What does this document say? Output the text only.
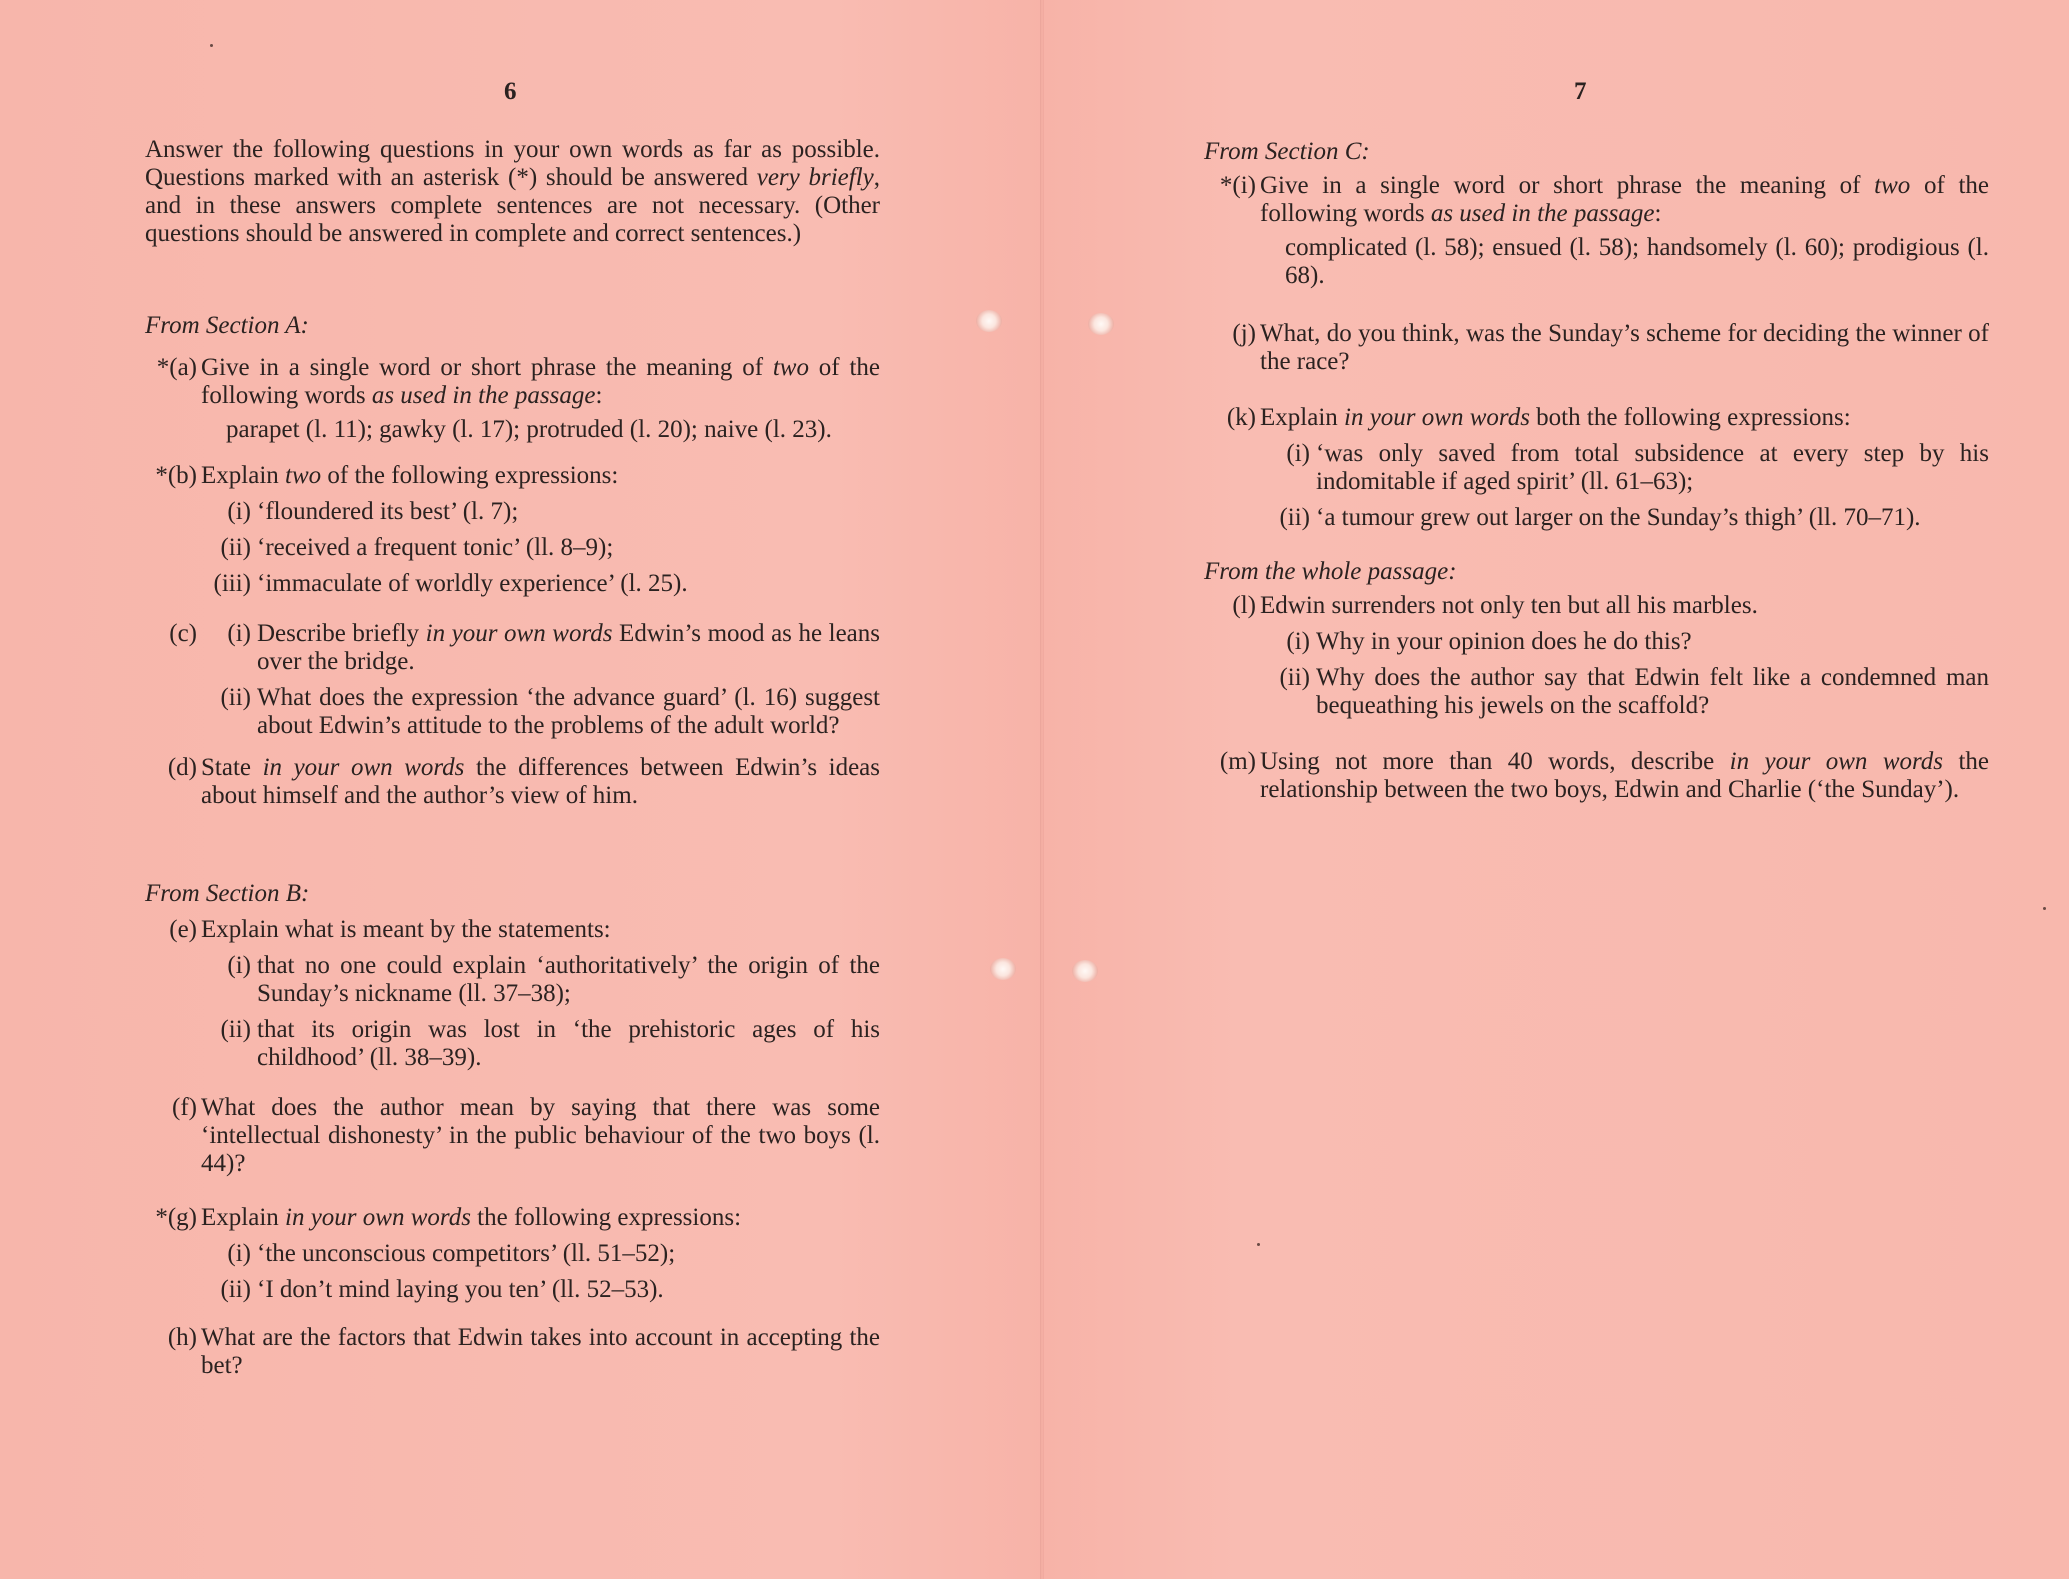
6

Answer the following questions in your own words as far as possible. Questions marked with an asterisk (*) should be answered very briefly, and in these answers complete sentences are not necessary. (Other questions should be answered in complete and correct sentences.)

From Section A:

*(a) Give in a single word or short phrase the meaning of two of the following words as used in the passage:

parapet (l. 11); gawky (l. 17); protruded (l. 20); naive (l. 23).

*(b) Explain two of the following expressions:
(i) ‘floundered its best’ (l. 7);
(ii) ‘received a frequent tonic’ (ll. 8–9);
(iii) ‘immaculate of worldly experience’ (l. 25).
(c)	(i) Describe briefly in your own words Edwin’s mood as he leans over the bridge.
(ii) What does the expression ‘the advance guard’ (l. 16) suggest about Edwin’s attitude to the problems of the adult world?
(d) State in your own words the differences between Edwin’s ideas about himself and the author’s view of him.

From Section B:

(e) Explain what is meant by the statements:
(i) that no one could explain ‘authoritatively’ the origin of the Sunday’s nickname (ll. 37–38);
(ii) that its origin was lost in ‘the prehistoric ages of his childhood’ (ll. 38–39).
(f) What does the author mean by saying that there was some ‘intellectual dishonesty’ in the public behaviour of the two boys (l. 44)?
*(g) Explain in your own words the following expressions:
(i) ‘the unconscious competitors’ (ll. 51–52);
(ii) ‘I don’t mind laying you ten’ (ll. 52–53).
(h) What are the factors that Edwin takes into account in accepting the bet?
7

From Section C:

*(i) Give in a single word or short phrase the meaning of two of the following words as used in the passage:

complicated (l. 58); ensued (l. 58); handsomely (l. 60); prodigious (l. 68).

(j) What, do you think, was the Sunday’s scheme for deciding the winner of the race?
(k) Explain in your own words both the following expressions:
(i) ‘was only saved from total subsidence at every step by his indomitable if aged spirit’ (ll. 61–63);
(ii) ‘a tumour grew out larger on the Sunday’s thigh’ (ll. 70–71).

From the whole passage:

(l) Edwin surrenders not only ten but all his marbles.
(i) Why in your opinion does he do this?
(ii) Why does the author say that Edwin felt like a condemned man bequeathing his jewels on the scaffold?
(m) Using not more than 40 words, describe in your own words the relationship between the two boys, Edwin and Charlie (‘the Sunday’).
